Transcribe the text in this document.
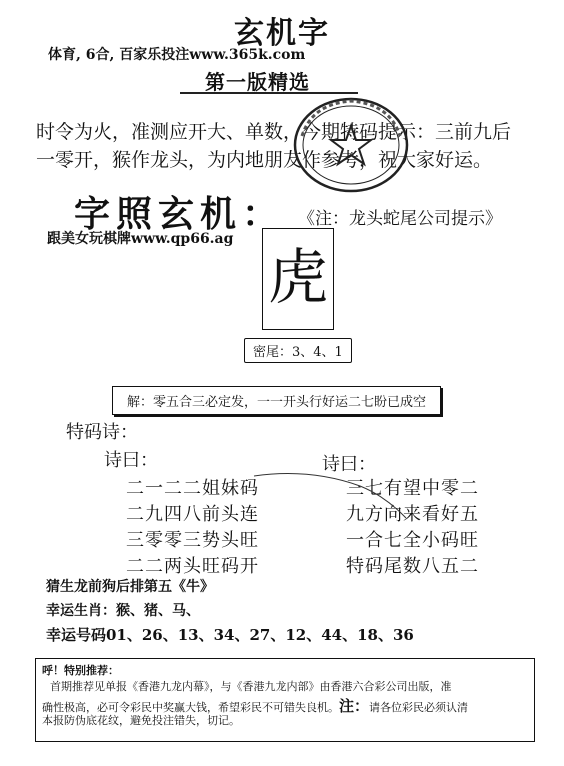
玄机字
体育, 6合, 百家乐投注www.365k.com
第一版精选
时令为火，准测应开大、单数，今期特码提示：三前九后
一零开，猴作龙头，为内地朋友作参考，祝大家好运。
字照玄机： 《注：龙头蛇尾公司提示》
跟美女玩棋牌www.qp66.ag
虎
密尾：3、4、1
解：零五合三必定发，一一开头行好运二七盼已成空
特码诗：
诗曰：	诗曰：
二一二二姐妹码
二九四八前头连
三零零三势头旺
二二两头旺码开
三七有望中零二
九方向来看好五
一合七全小码旺
特码尾数八五二
猜生龙前狗后排第五《牛》
幸运生肖：猴、猪、马、
幸运号码01、26、13、34、27、12、44、18、36
呼！特别推荐：
首期推荐见单报《香港九龙内幕》，与《香港九龙内部》由香港六合彩公司出版，准
确性极高，必可令彩民中奖赢大钱，希望彩民不可错失良机。注：请各位彩民必须认清
本报防伪底花纹，避免投注错失，切记。
